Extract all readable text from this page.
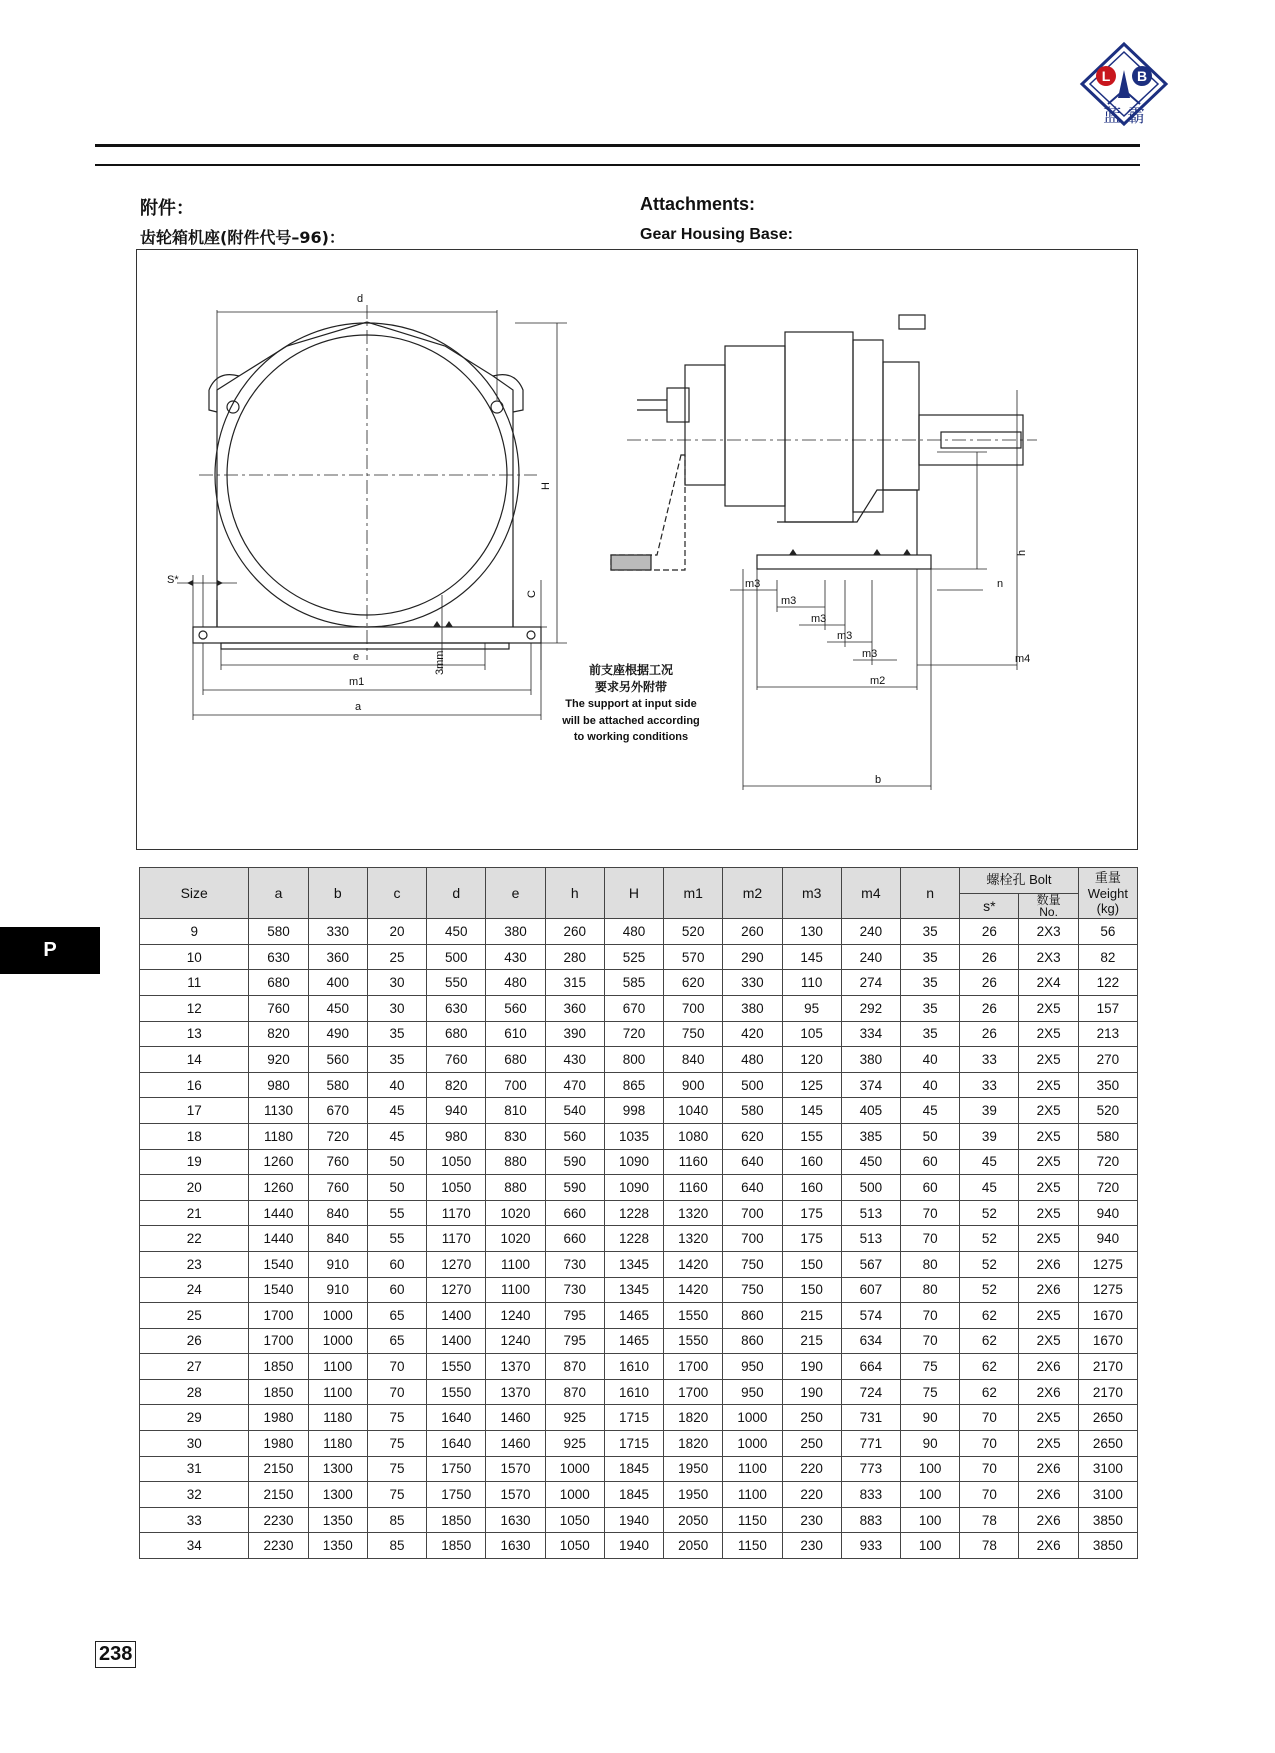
L B
蓝 霸
附件：
齿轮箱机座(附件代号–96)：
Attachments:
Gear Housing Base:
P
d
H
C
S*
e	3mm
m1
a
h
m3
m3
m3
m3
m3
n
m4
m2
b
前支座根据工况
要求另外附带
The support at input side
will be attached according
to working conditions
Size	a	b	c	d	e	h	H	m1	m2	m3	m4	n	螺栓孔 Bolt		重量
Weight
(kg)

													s*	数量
No.	

9	580	330	20	450	380	260	480	520	260	130	240	35	26	2X3	56
10	630	360	25	500	430	280	525	570	290	145	240	35	26	2X3	82
11	680	400	30	550	480	315	585	620	330	110	274	35	26	2X4	122
12	760	450	30	630	560	360	670	700	380	95	292	35	26	2X5	157
13	820	490	35	680	610	390	720	750	420	105	334	35	26	2X5	213
14	920	560	35	760	680	430	800	840	480	120	380	40	33	2X5	270
16	980	580	40	820	700	470	865	900	500	125	374	40	33	2X5	350
17	1130	670	45	940	810	540	998	1040	580	145	405	45	39	2X5	520
18	1180	720	45	980	830	560	1035	1080	620	155	385	50	39	2X5	580
19	1260	760	50	1050	880	590	1090	1160	640	160	450	60	45	2X5	720
20	1260	760	50	1050	880	590	1090	1160	640	160	500	60	45	2X5	720
21	1440	840	55	1170	1020	660	1228	1320	700	175	513	70	52	2X5	940
22	1440	840	55	1170	1020	660	1228	1320	700	175	513	70	52	2X5	940
23	1540	910	60	1270	1100	730	1345	1420	750	150	567	80	52	2X6	1275
24	1540	910	60	1270	1100	730	1345	1420	750	150	607	80	52	2X6	1275
25	1700	1000	65	1400	1240	795	1465	1550	860	215	574	70	62	2X5	1670
26	1700	1000	65	1400	1240	795	1465	1550	860	215	634	70	62	2X5	1670
27	1850	1100	70	1550	1370	870	1610	1700	950	190	664	75	62	2X6	2170
28	1850	1100	70	1550	1370	870	1610	1700	950	190	724	75	62	2X6	2170
29	1980	1180	75	1640	1460	925	1715	1820	1000	250	731	90	70	2X5	2650
30	1980	1180	75	1640	1460	925	1715	1820	1000	250	771	90	70	2X5	2650
31	2150	1300	75	1750	1570	1000	1845	1950	1100	220	773	100	70	2X6	3100
32	2150	1300	75	1750	1570	1000	1845	1950	1100	220	833	100	70	2X6	3100
33	2230	1350	85	1850	1630	1050	1940	2050	1150	230	883	100	78	2X6	3850
34	2230	1350	85	1850	1630	1050	1940	2050	1150	230	933	100	78	2X6	3850
238
